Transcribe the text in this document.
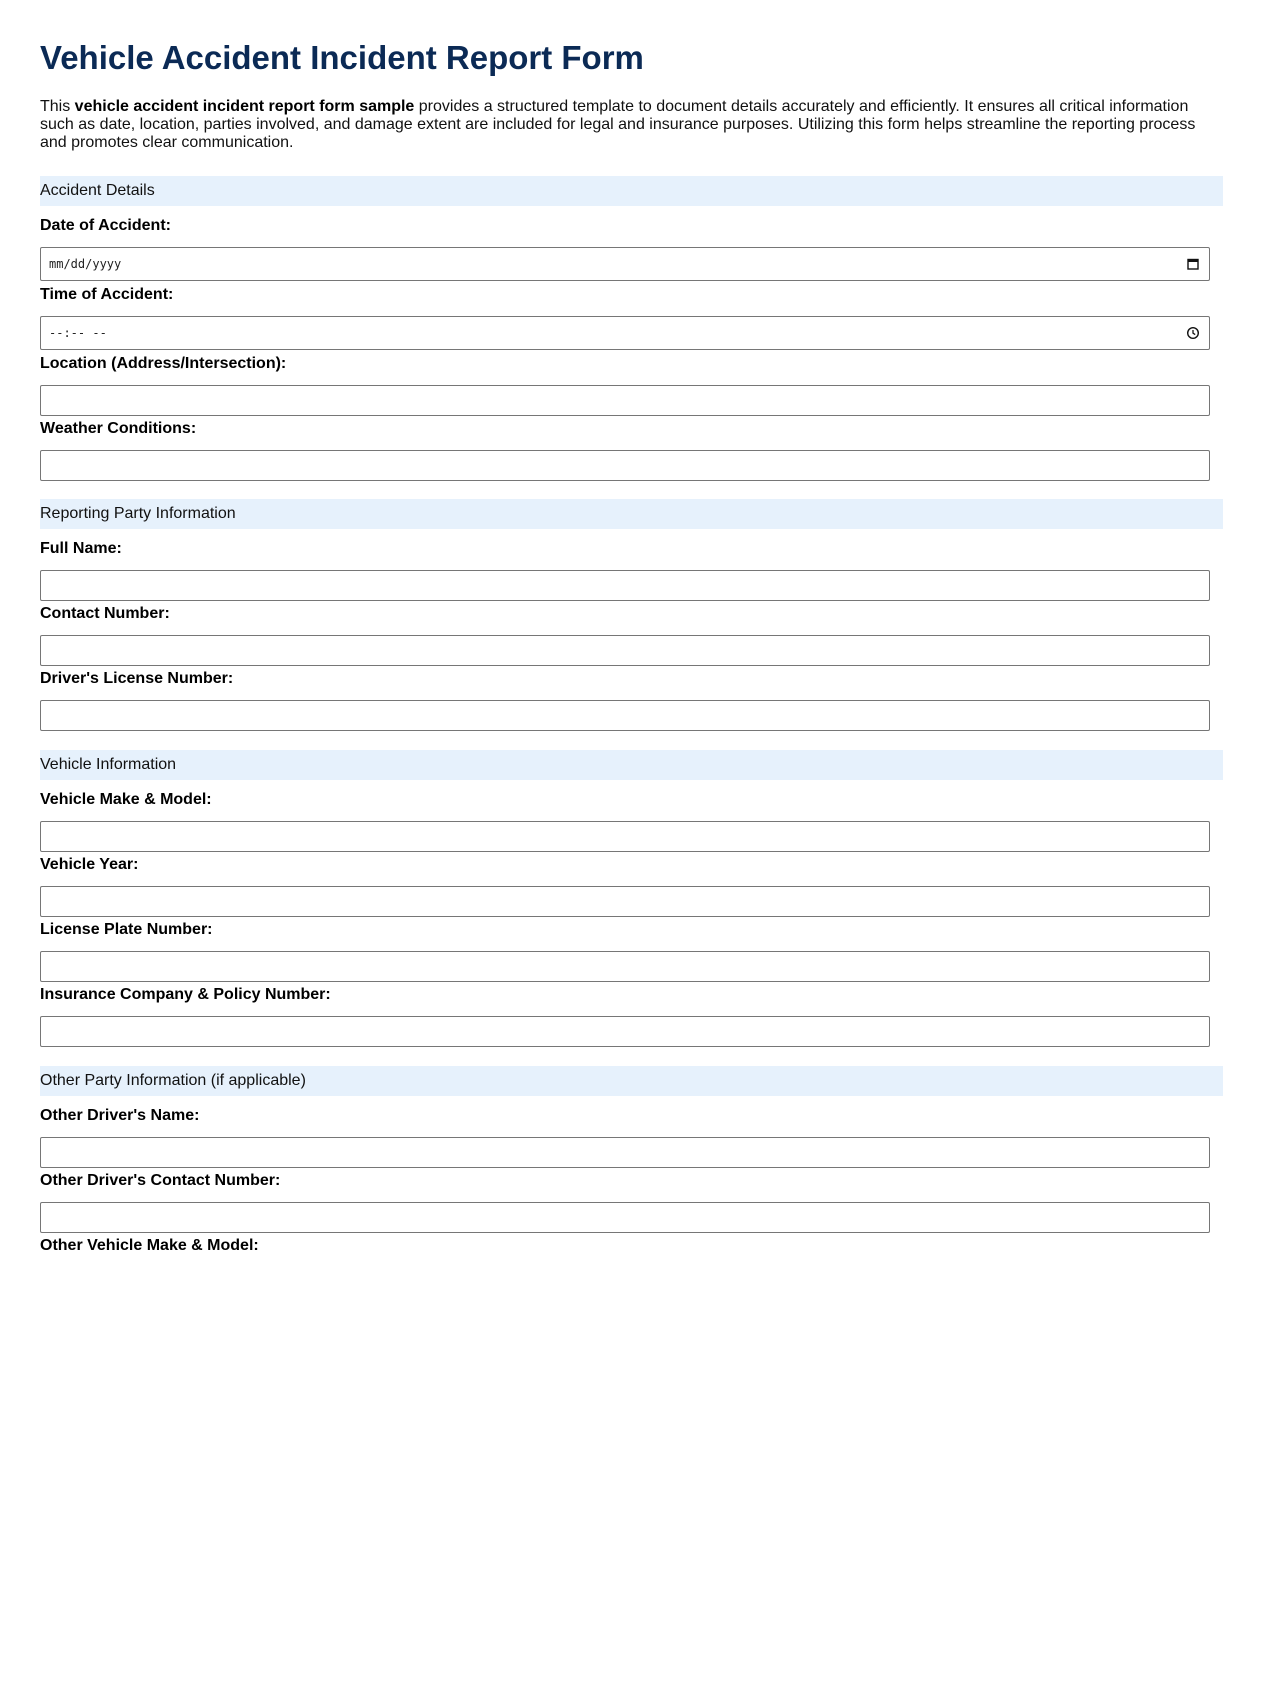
Vehicle Accident Incident Report Form

This vehicle accident incident report form sample provides a structured template to document details accurately and efficiently. It ensures all critical information such as date, location, parties involved, and damage extent are included for legal and insurance purposes. Utilizing this form helps streamline the reporting process and promotes clear communication.

Accident Details
Date of Accident:
mm/dd/yyyy
Time of Accident:
--:-- --
Location (Address/Intersection):
Weather Conditions:
Reporting Party Information
Full Name:
Contact Number:
Driver's License Number:
Vehicle Information
Vehicle Make & Model:
Vehicle Year:
License Plate Number:
Insurance Company & Policy Number:
Other Party Information (if applicable)
Other Driver's Name:
Other Driver's Contact Number:
Other Vehicle Make & Model:
